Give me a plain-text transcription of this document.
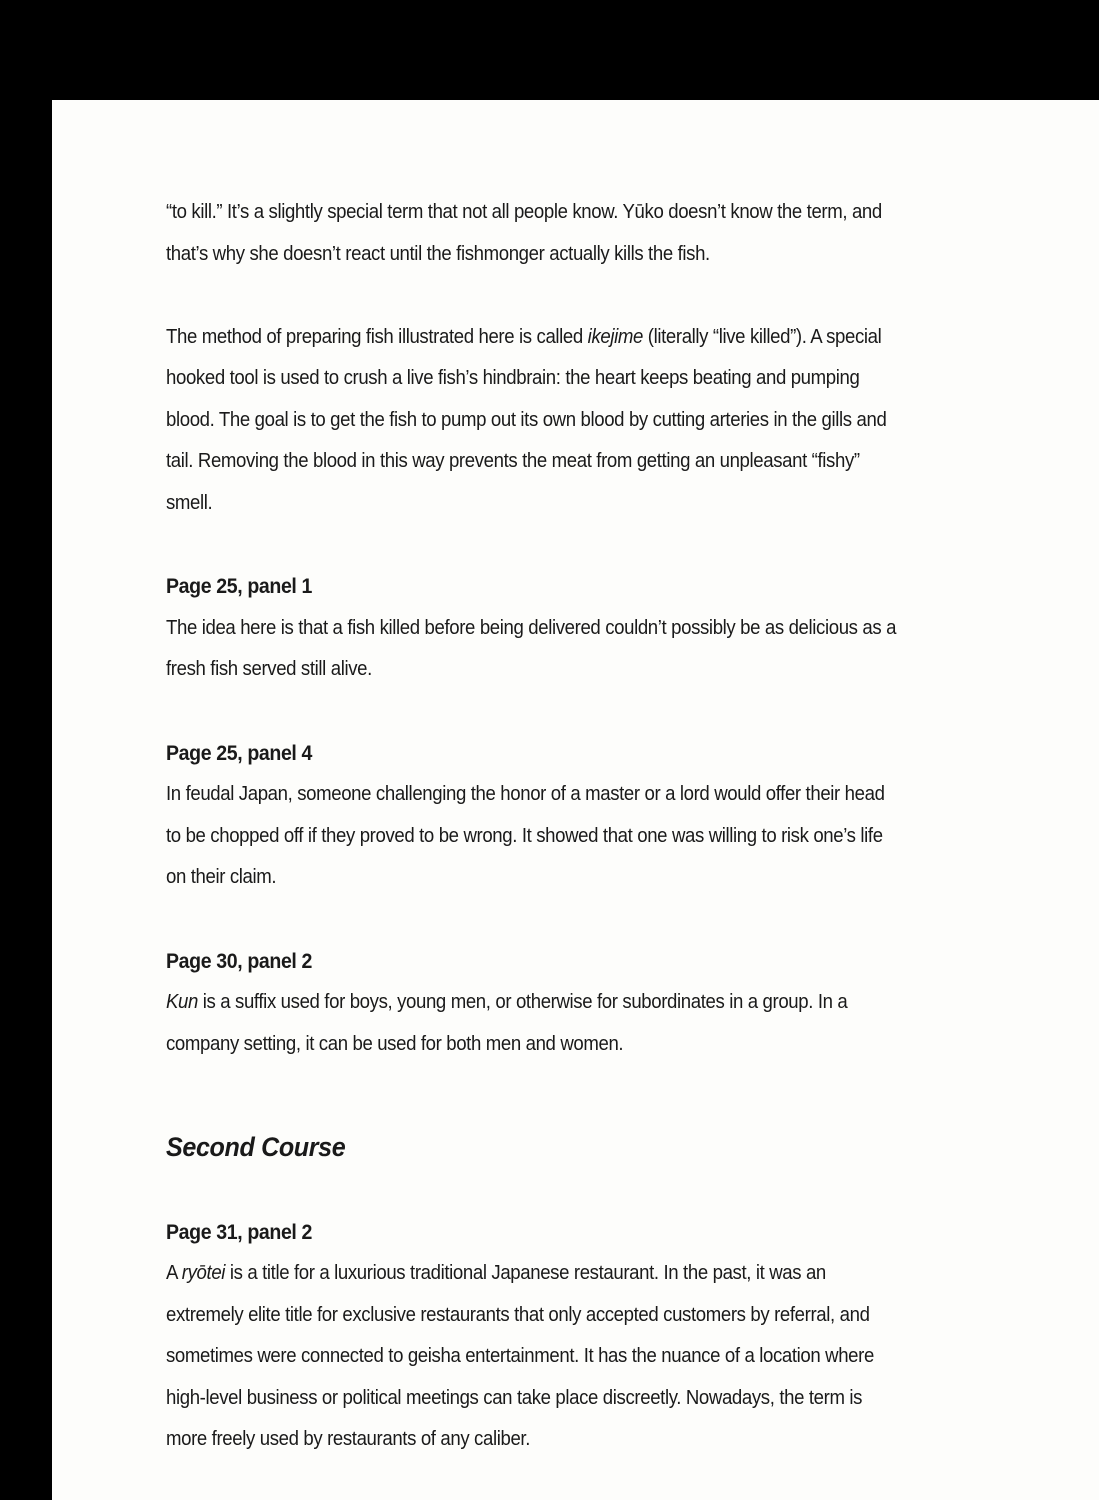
“to kill.” It’s a slightly special term that not all people know. Yūko doesn’t know the term, and that’s why she doesn’t react until the fishmonger actually kills the fish.

The method of preparing fish illustrated here is called ikejime (literally “live killed”). A special hooked tool is used to crush a live fish’s hindbrain: the heart keeps beating and pumping blood. The goal is to get the fish to pump out its own blood by cutting arteries in the gills and tail. Removing the blood in this way prevents the meat from getting an unpleasant “fishy” smell.

Page 25, panel 1

The idea here is that a fish killed before being delivered couldn’t possibly be as delicious as a fresh fish served still alive.

Page 25, panel 4

In feudal Japan, someone challenging the honor of a master or a lord would offer their head to be chopped off if they proved to be wrong. It showed that one was willing to risk one’s life on their claim.

Page 30, panel 2

Kun is a suffix used for boys, young men, or otherwise for subordinates in a group. In a company setting, it can be used for both men and women.

Second Course

Page 31, panel 2

A ryōtei is a title for a luxurious traditional Japanese restaurant. In the past, it was an extremely elite title for exclusive restaurants that only accepted customers by referral, and sometimes were connected to geisha entertainment. It has the nuance of a location where high-level business or political meetings can take place discreetly. Nowadays, the term is more freely used by restaurants of any caliber.
